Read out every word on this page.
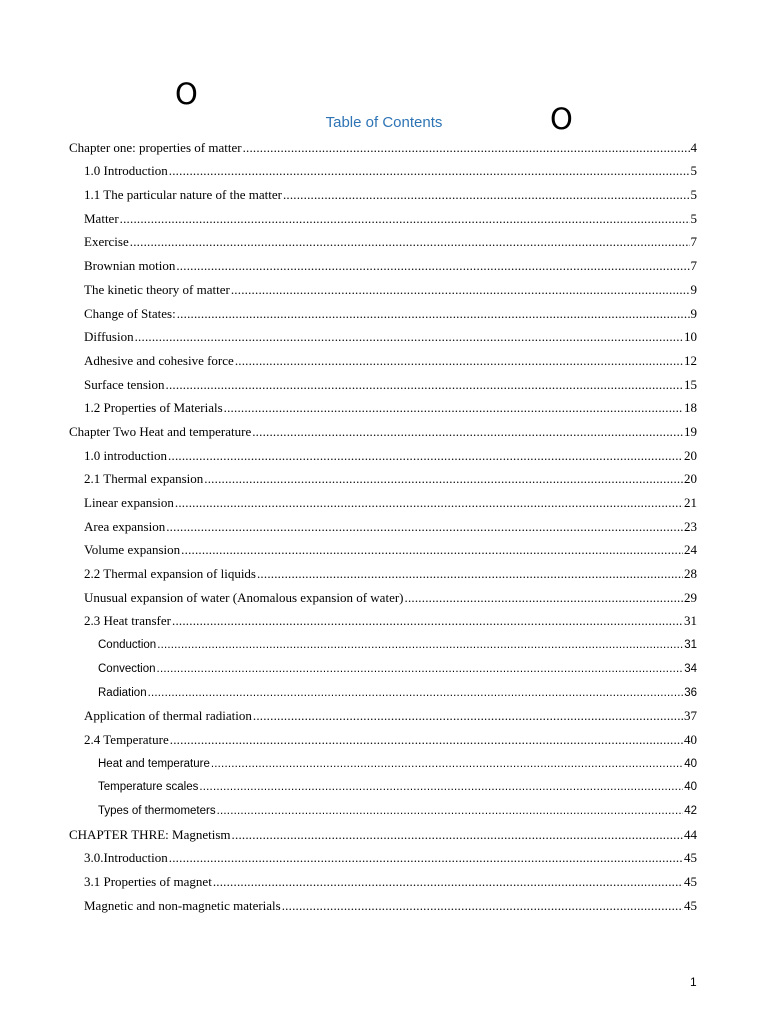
O
O
Table of Contents
Chapter one: properties of matter .....	4
1.0 Introduction .....	5
1.1 The particular nature of the matter .....	5
Matter .....	5
Exercise .....	7
Brownian motion .....	7
The kinetic theory of matter .....	9
Change of States: .....	9
Diffusion .....	10
Adhesive and cohesive force .....	12
Surface tension .....	15
1.2 Properties of Materials .....	18
Chapter Two Heat and temperature .....	19
1.0 introduction .....	20
2.1 Thermal expansion .....	20
Linear expansion .....	21
Area expansion .....	23
Volume expansion .....	24
2.2 Thermal expansion of liquids .....	28
Unusual expansion of water (Anomalous expansion of water) .....	29
2.3 Heat transfer .....	31
Conduction .....	31
Convection .....	34
Radiation .....	36
Application of thermal radiation .....	37
2.4 Temperature .....	40
Heat and temperature .....	40
Temperature scales .....	40
Types of thermometers .....	42
CHAPTER THRE: Magnetism .....	44
3.0.Introduction .....	45
3.1 Properties of magnet .....	45
Magnetic and non-magnetic materials .....	45
1
